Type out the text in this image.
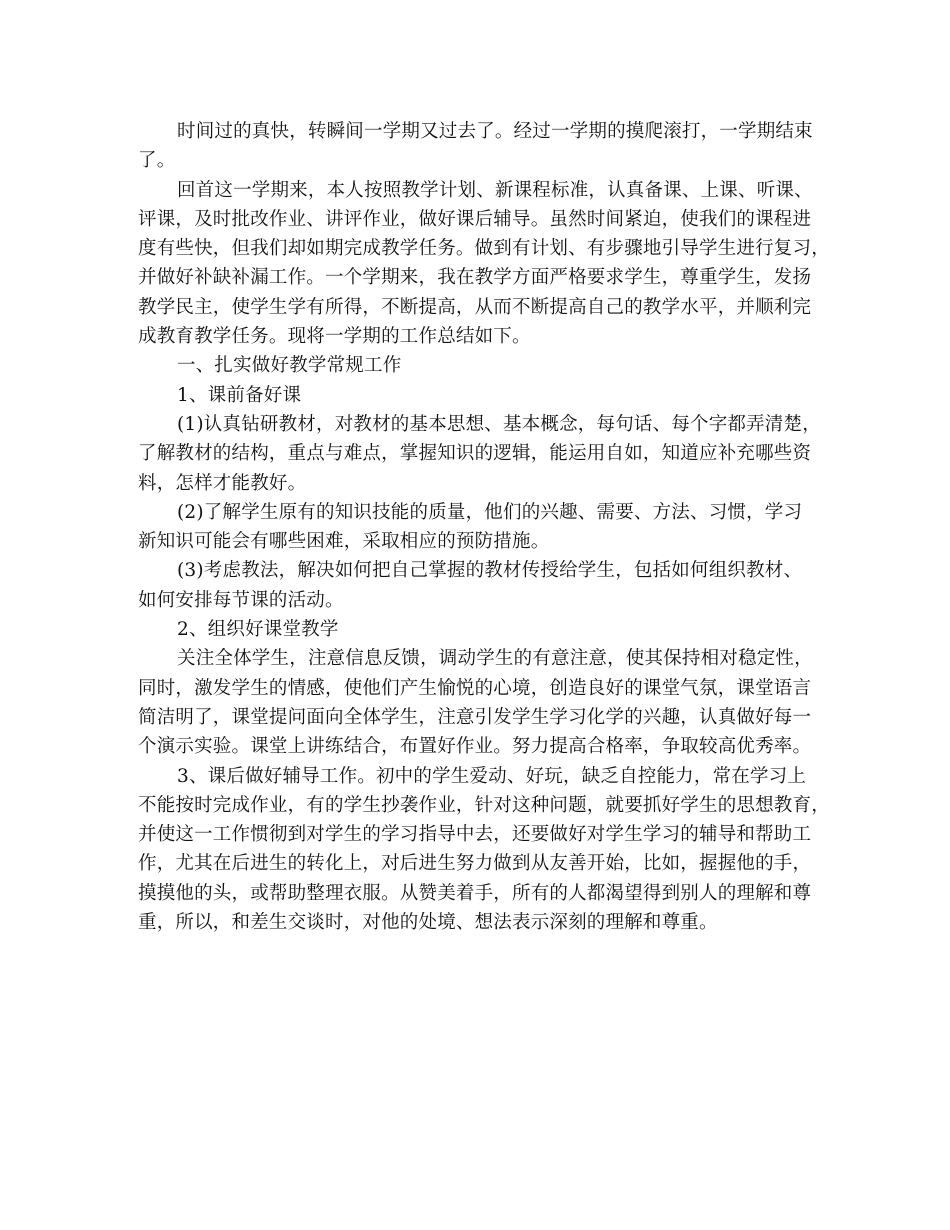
时间过的真快，转瞬间一学期又过去了。经过一学期的摸爬滚打，一学期结束
了。
回首这一学期来，本人按照教学计划、新课程标准，认真备课、上课、听课、
评课，及时批改作业、讲评作业，做好课后辅导。虽然时间紧迫，使我们的课程进
度有些快，但我们却如期完成教学任务。做到有计划、有步骤地引导学生进行复习，
并做好补缺补漏工作。一个学期来，我在教学方面严格要求学生，尊重学生，发扬
教学民主，使学生学有所得，不断提高，从而不断提高自己的教学水平，并顺利完
成教育教学任务。现将一学期的工作总结如下。
一、扎实做好教学常规工作
1、课前备好课
(1)认真钻研教材，对教材的基本思想、基本概念，每句话、每个字都弄清楚，
了解教材的结构，重点与难点，掌握知识的逻辑，能运用自如，知道应补充哪些资
料，怎样才能教好。
(2)了解学生原有的知识技能的质量，他们的兴趣、需要、方法、习惯，学习
新知识可能会有哪些困难，采取相应的预防措施。
(3)考虑教法，解决如何把自己掌握的教材传授给学生，包括如何组织教材、
如何安排每节课的活动。
2、组织好课堂教学
关注全体学生，注意信息反馈，调动学生的有意注意，使其保持相对稳定性，
同时，激发学生的情感，使他们产生愉悦的心境，创造良好的课堂气氛，课堂语言
简洁明了，课堂提问面向全体学生，注意引发学生学习化学的兴趣，认真做好每一
个演示实验。课堂上讲练结合，布置好作业。努力提高合格率，争取较高优秀率。
3、课后做好辅导工作。初中的学生爱动、好玩，缺乏自控能力，常在学习上
不能按时完成作业，有的学生抄袭作业，针对这种问题，就要抓好学生的思想教育，
并使这一工作惯彻到对学生的学习指导中去，还要做好对学生学习的辅导和帮助工
作，尤其在后进生的转化上，对后进生努力做到从友善开始，比如，握握他的手，
摸摸他的头，或帮助整理衣服。从赞美着手，所有的人都渴望得到别人的理解和尊
重，所以，和差生交谈时，对他的处境、想法表示深刻的理解和尊重。
